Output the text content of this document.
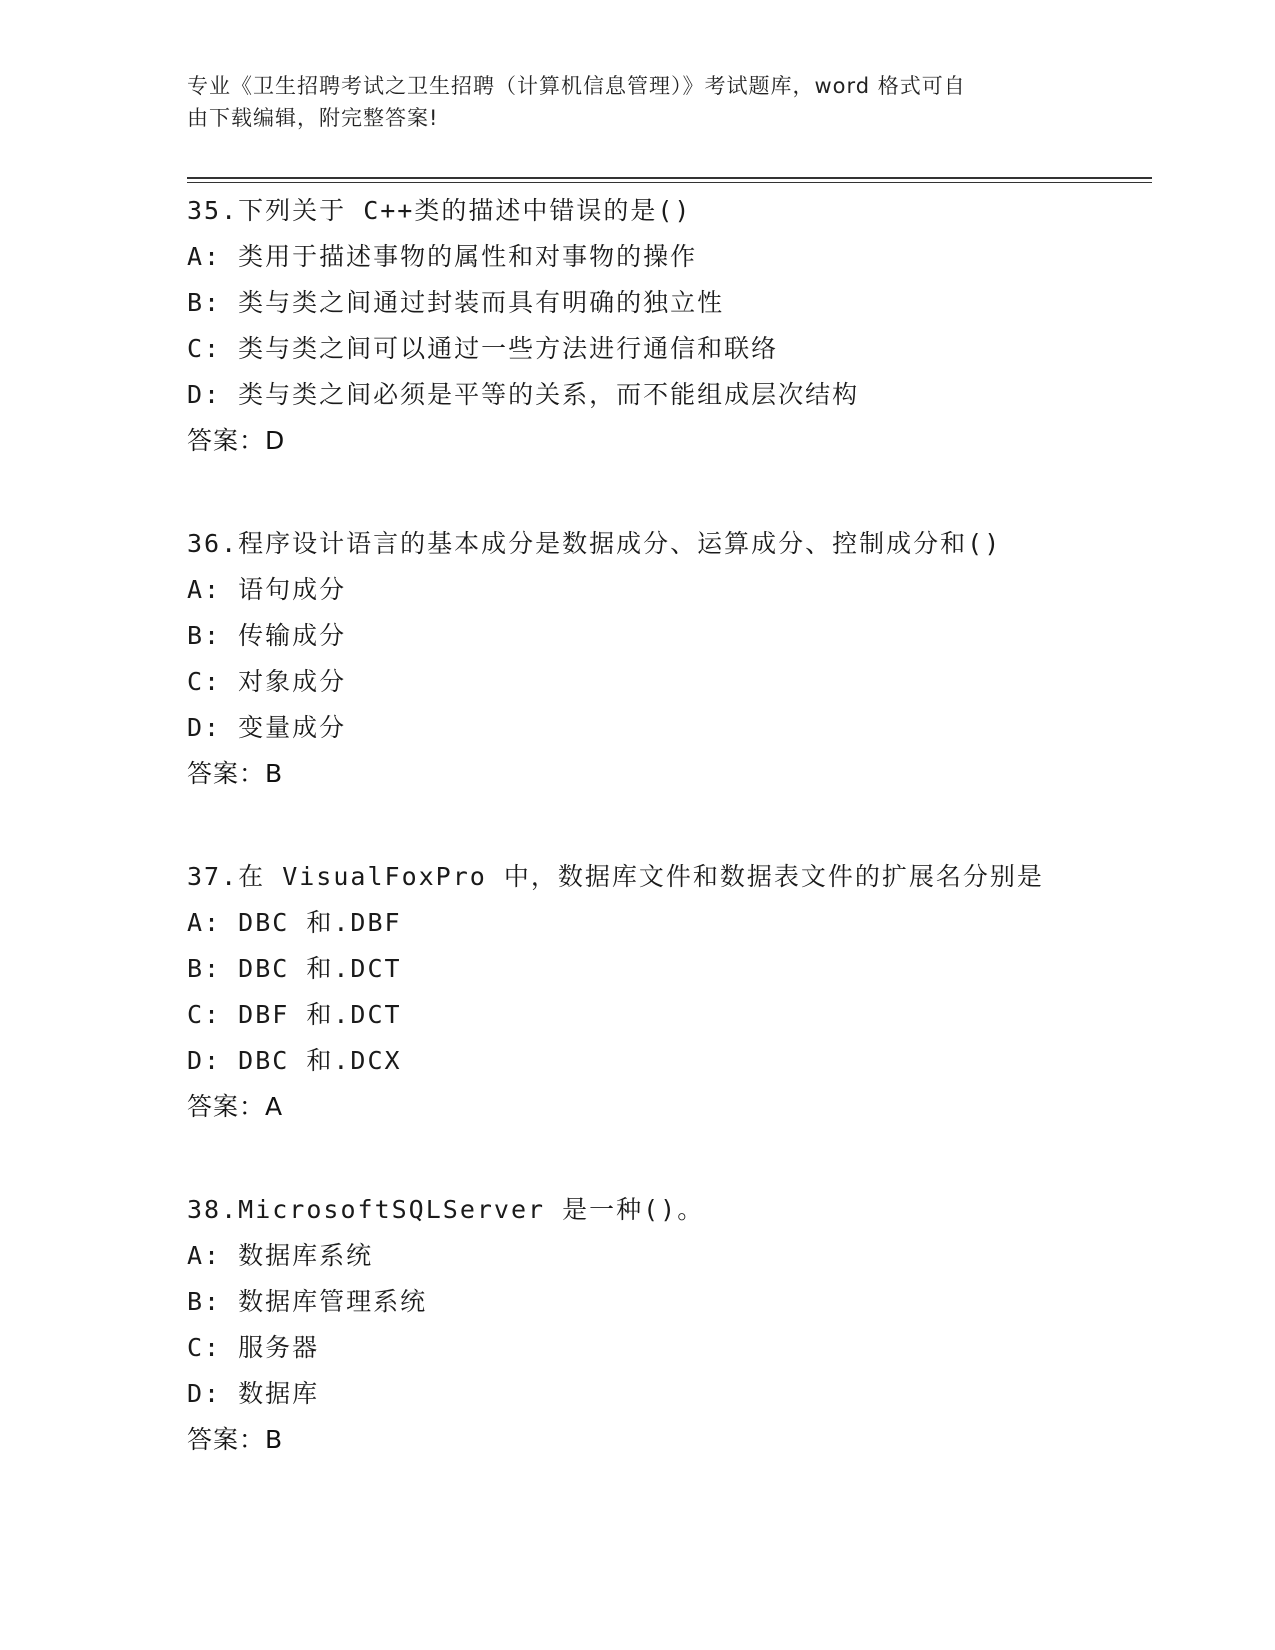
专业《卫生招聘考试之卫生招聘（计算机信息管理）》考试题库，word 格式可自
由下载编辑，附完整答案!
35.下列关于 C++类的描述中错误的是()
A: 类用于描述事物的属性和对事物的操作
B: 类与类之间通过封装而具有明确的独立性
C: 类与类之间可以通过一些方法进行通信和联络
D: 类与类之间必须是平等的关系，而不能组成层次结构
答案：D
36.程序设计语言的基本成分是数据成分、运算成分、控制成分和()
A: 语句成分
B: 传输成分
C: 对象成分
D: 变量成分
答案：B
37.在 VisualFoxPro 中，数据库文件和数据表文件的扩展名分别是
A: DBC 和.DBF
B: DBC 和.DCT
C: DBF 和.DCT
D: DBC 和.DCX
答案：A
38.MicrosoftSQLServer 是一种()。
A: 数据库系统
B: 数据库管理系统
C: 服务器
D: 数据库
答案：B
